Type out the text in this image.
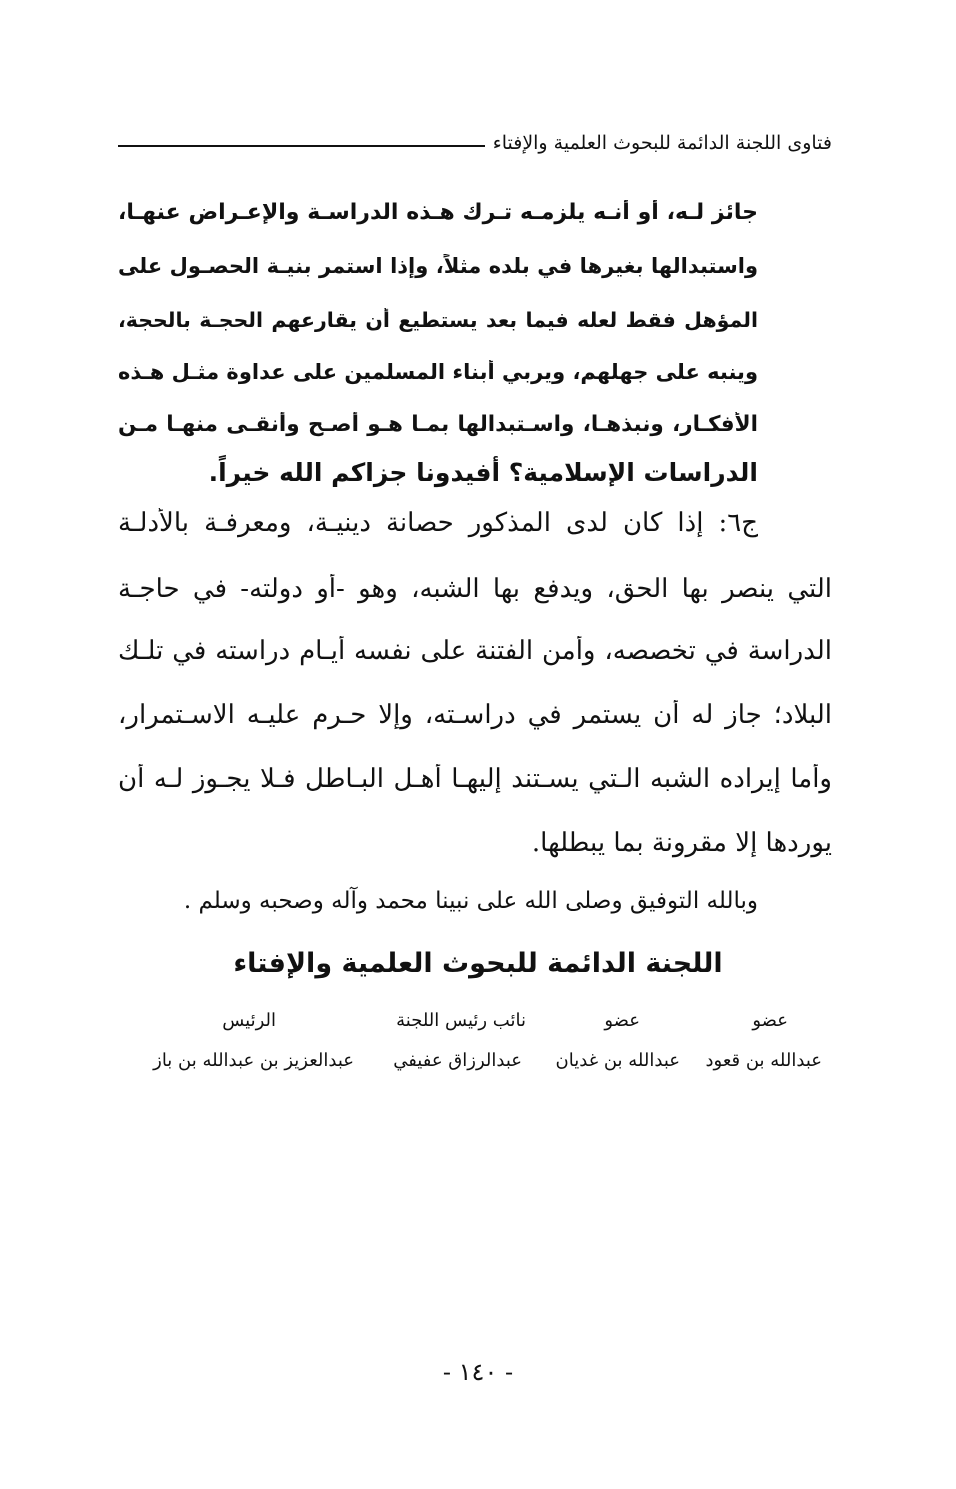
فتاوى اللجنة الدائمة للبحوث العلمية والإفتاء
جائز لـه، أو أنـه يلزمـه تـرك هـذه الدراسـة والإعـراض عنهـا،
واستبدالها بغيرها في بلده مثلاً، وإذا استمر بنيـة الحصـول على
المؤهل فقط لعله فيما بعد يستطيع أن يقارعهم الحجـة بالحجة،
وينبه على جهلهم، ويربي أبناء المسلمين على عداوة مثـل هـذه
الأفكـار، ونبذهـا، واسـتبدالها بمـا هـو أصـح وأنقـى منهـا مـن
الدراسات الإسلامية؟ أفيدونا جزاكم الله خيراً.
ج٦: إذا كان لدى المذكور حصانة دينيـة، ومعرفـة بالأدلـة
التي ينصر بها الحق، ويدفع بها الشبه، وهو -أو دولته- في حاجـة
الدراسة في تخصصه، وأمن الفتنة على نفسه أيـام دراسته في تلـك
البلاد؛ جاز له أن يستمر في دراسـته، وإلا حـرم عليـه الاسـتمرار،
وأما إيراده الشبه الـتي يسـتند إليهـا أهـل البـاطل فـلا يجـوز لـه أن
يوردها إلا مقرونة بما يبطلها.
وبالله التوفيق وصلى الله على نبينا محمد وآله وصحبه وسلم .
اللجنة الدائمة للبحوث العلمية والإفتاء
عضو
عبدالله بن قعود
عضو
عبدالله بن غديان
نائب رئيس اللجنة
عبدالرزاق عفيفي
الرئيس
عبدالعزيز بن عبدالله بن باز
- ١٤٠ -
